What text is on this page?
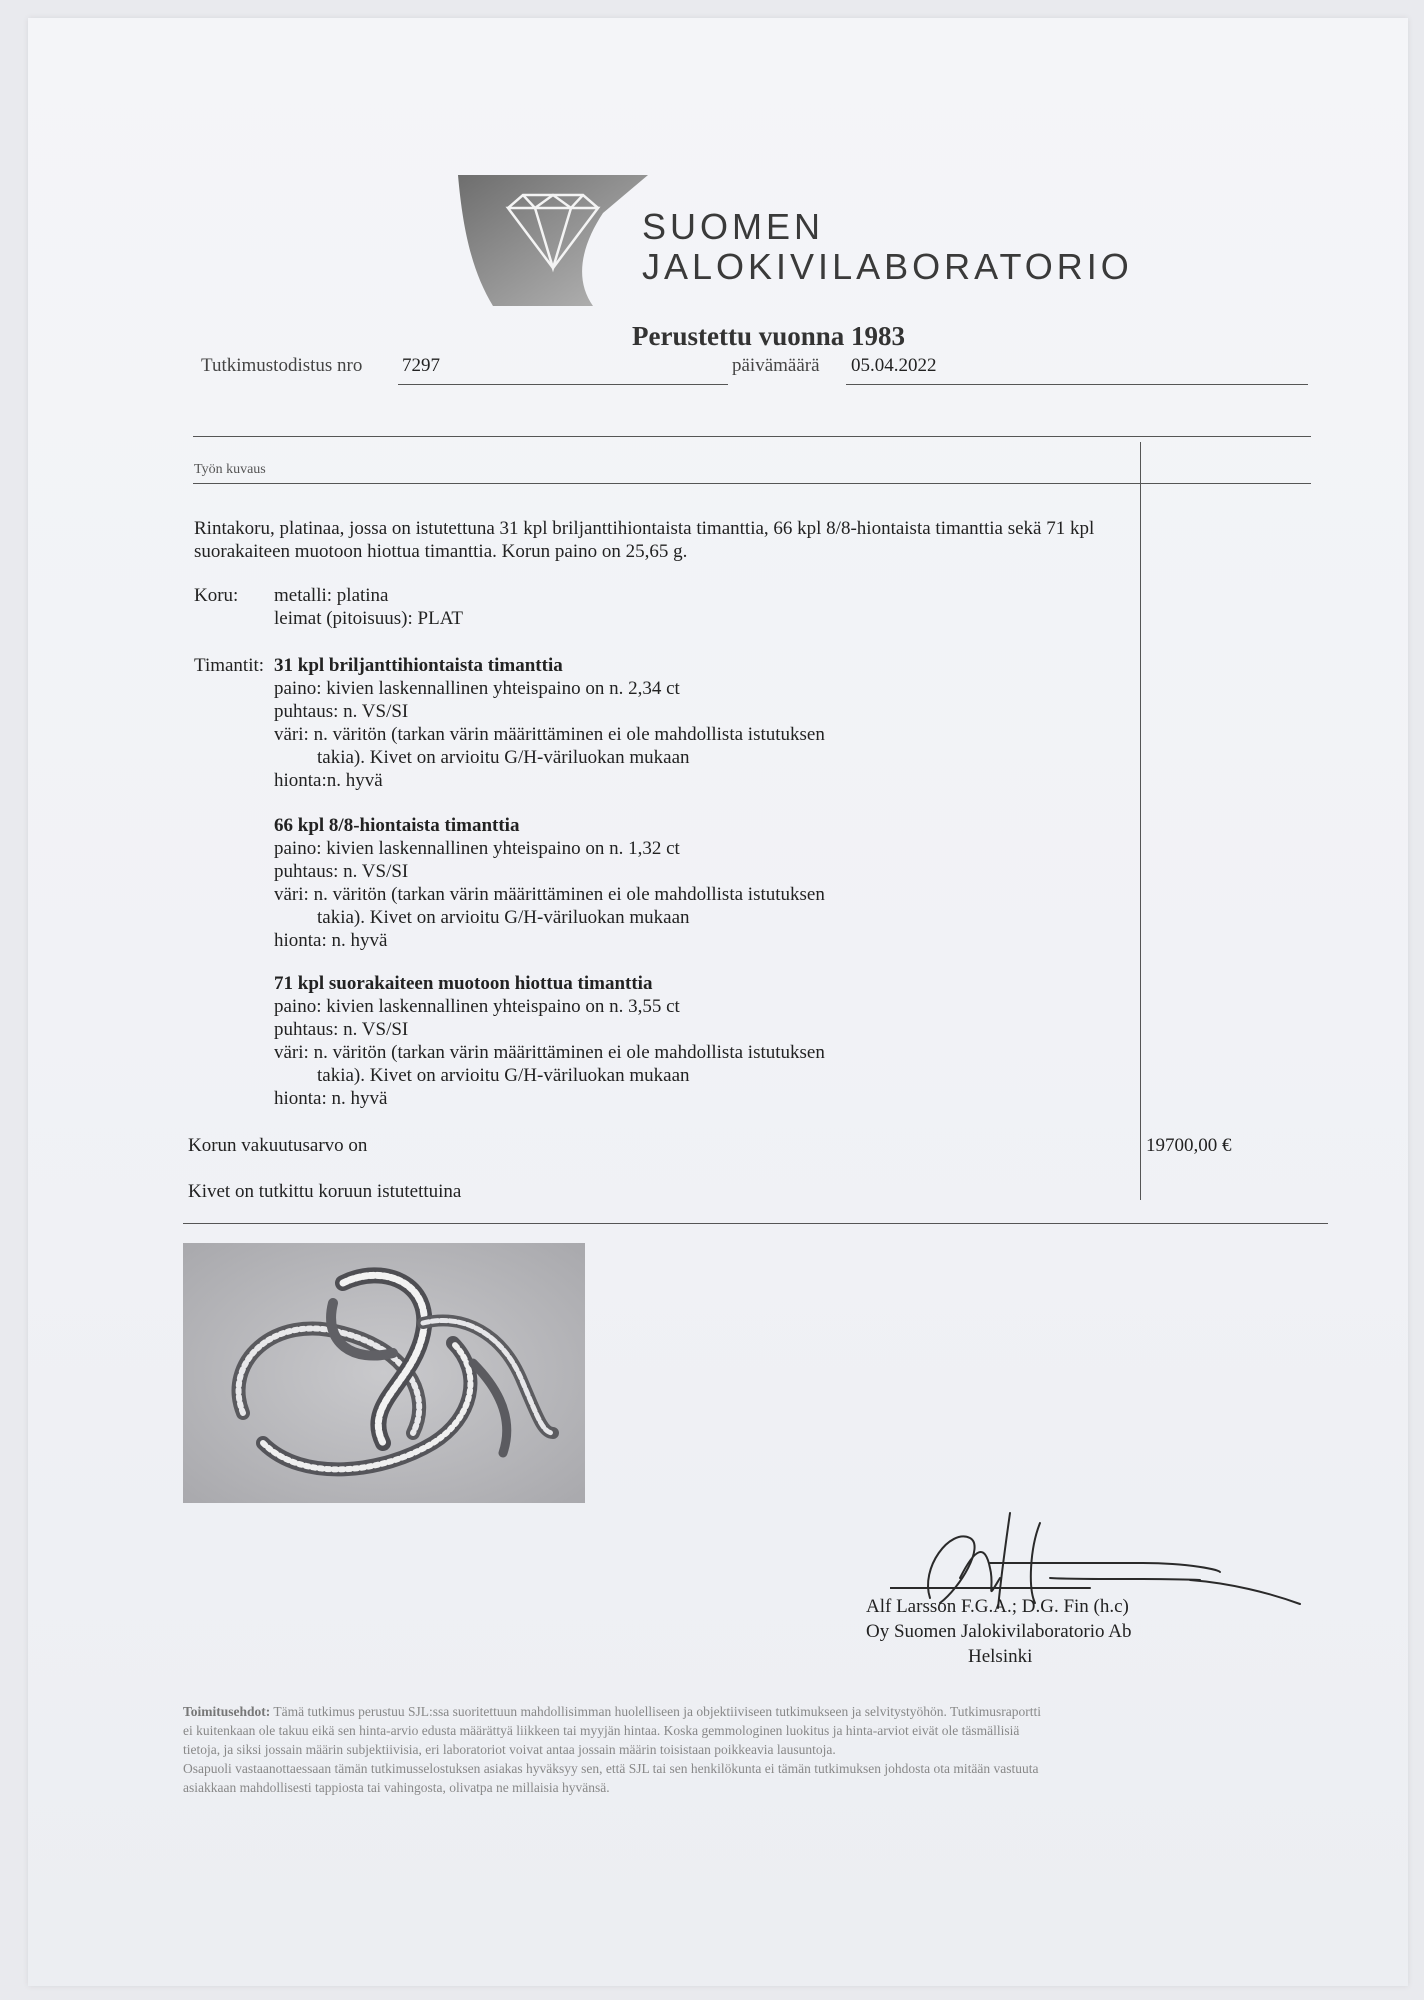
SUOMEN
JALOKIVILABORATORIO
Perustettu vuonna 1983
Tutkimustodistus nro 7297	päivämäärä 05.04.2022
Työn kuvaus
Rintakoru, platinaa, jossa on istutettuna 31 kpl briljanttihiontaista timanttia, 66 kpl 8/8-hiontaista timanttia sekä 71 kpl
suorakaiteen muotoon hiottua timanttia. Korun paino on 25,65 g.
Koru: metalli: platina
leimat (pitoisuus): PLAT
Timantit: 31 kpl briljanttihiontaista timanttia
paino: kivien laskennallinen yhteispaino on n. 2,34 ct
puhtaus: n. VS/SI
väri: n. väritön (tarkan värin määrittäminen ei ole mahdollista istutuksen
takia). Kivet on arvioitu G/H-väriluokan mukaan
hionta:n. hyvä
66 kpl 8/8-hiontaista timanttia
paino: kivien laskennallinen yhteispaino on n. 1,32 ct
puhtaus: n. VS/SI
väri: n. väritön (tarkan värin määrittäminen ei ole mahdollista istutuksen
takia). Kivet on arvioitu G/H-väriluokan mukaan
hionta: n. hyvä
71 kpl suorakaiteen muotoon hiottua timanttia
paino: kivien laskennallinen yhteispaino on n. 3,55 ct
puhtaus: n. VS/SI
väri: n. väritön (tarkan värin määrittäminen ei ole mahdollista istutuksen
takia). Kivet on arvioitu G/H-väriluokan mukaan
hionta: n. hyvä
Korun vakuutusarvo on	19700,00 €
Kivet on tutkittu koruun istutettuina
Alf Larsson F.G.A.; D.G. Fin (h.c)
Oy Suomen Jalokivilaboratorio Ab
Helsinki
Toimitusehdot: Tämä tutkimus perustuu SJL:ssa suoritettuun mahdollisimman huolelliseen ja objektiiviseen tutkimukseen ja selvitystyöhön. Tutkimusraportti
ei kuitenkaan ole takuu eikä sen hinta-arvio edusta määrättyä liikkeen tai myyjän hintaa. Koska gemmologinen luokitus ja hinta-arviot eivät ole täsmällisiä
tietoja, ja siksi jossain määrin subjektiivisia, eri laboratoriot voivat antaa jossain määrin toisistaan poikkeavia lausuntoja.
Osapuoli vastaanottaessaan tämän tutkimusselostuksen asiakas hyväksyy sen, että SJL tai sen henkilökunta ei tämän tutkimuksen johdosta ota mitään vastuuta
asiakkaan mahdollisesti tappiosta tai vahingosta, olivatpa ne millaisia hyvänsä.
